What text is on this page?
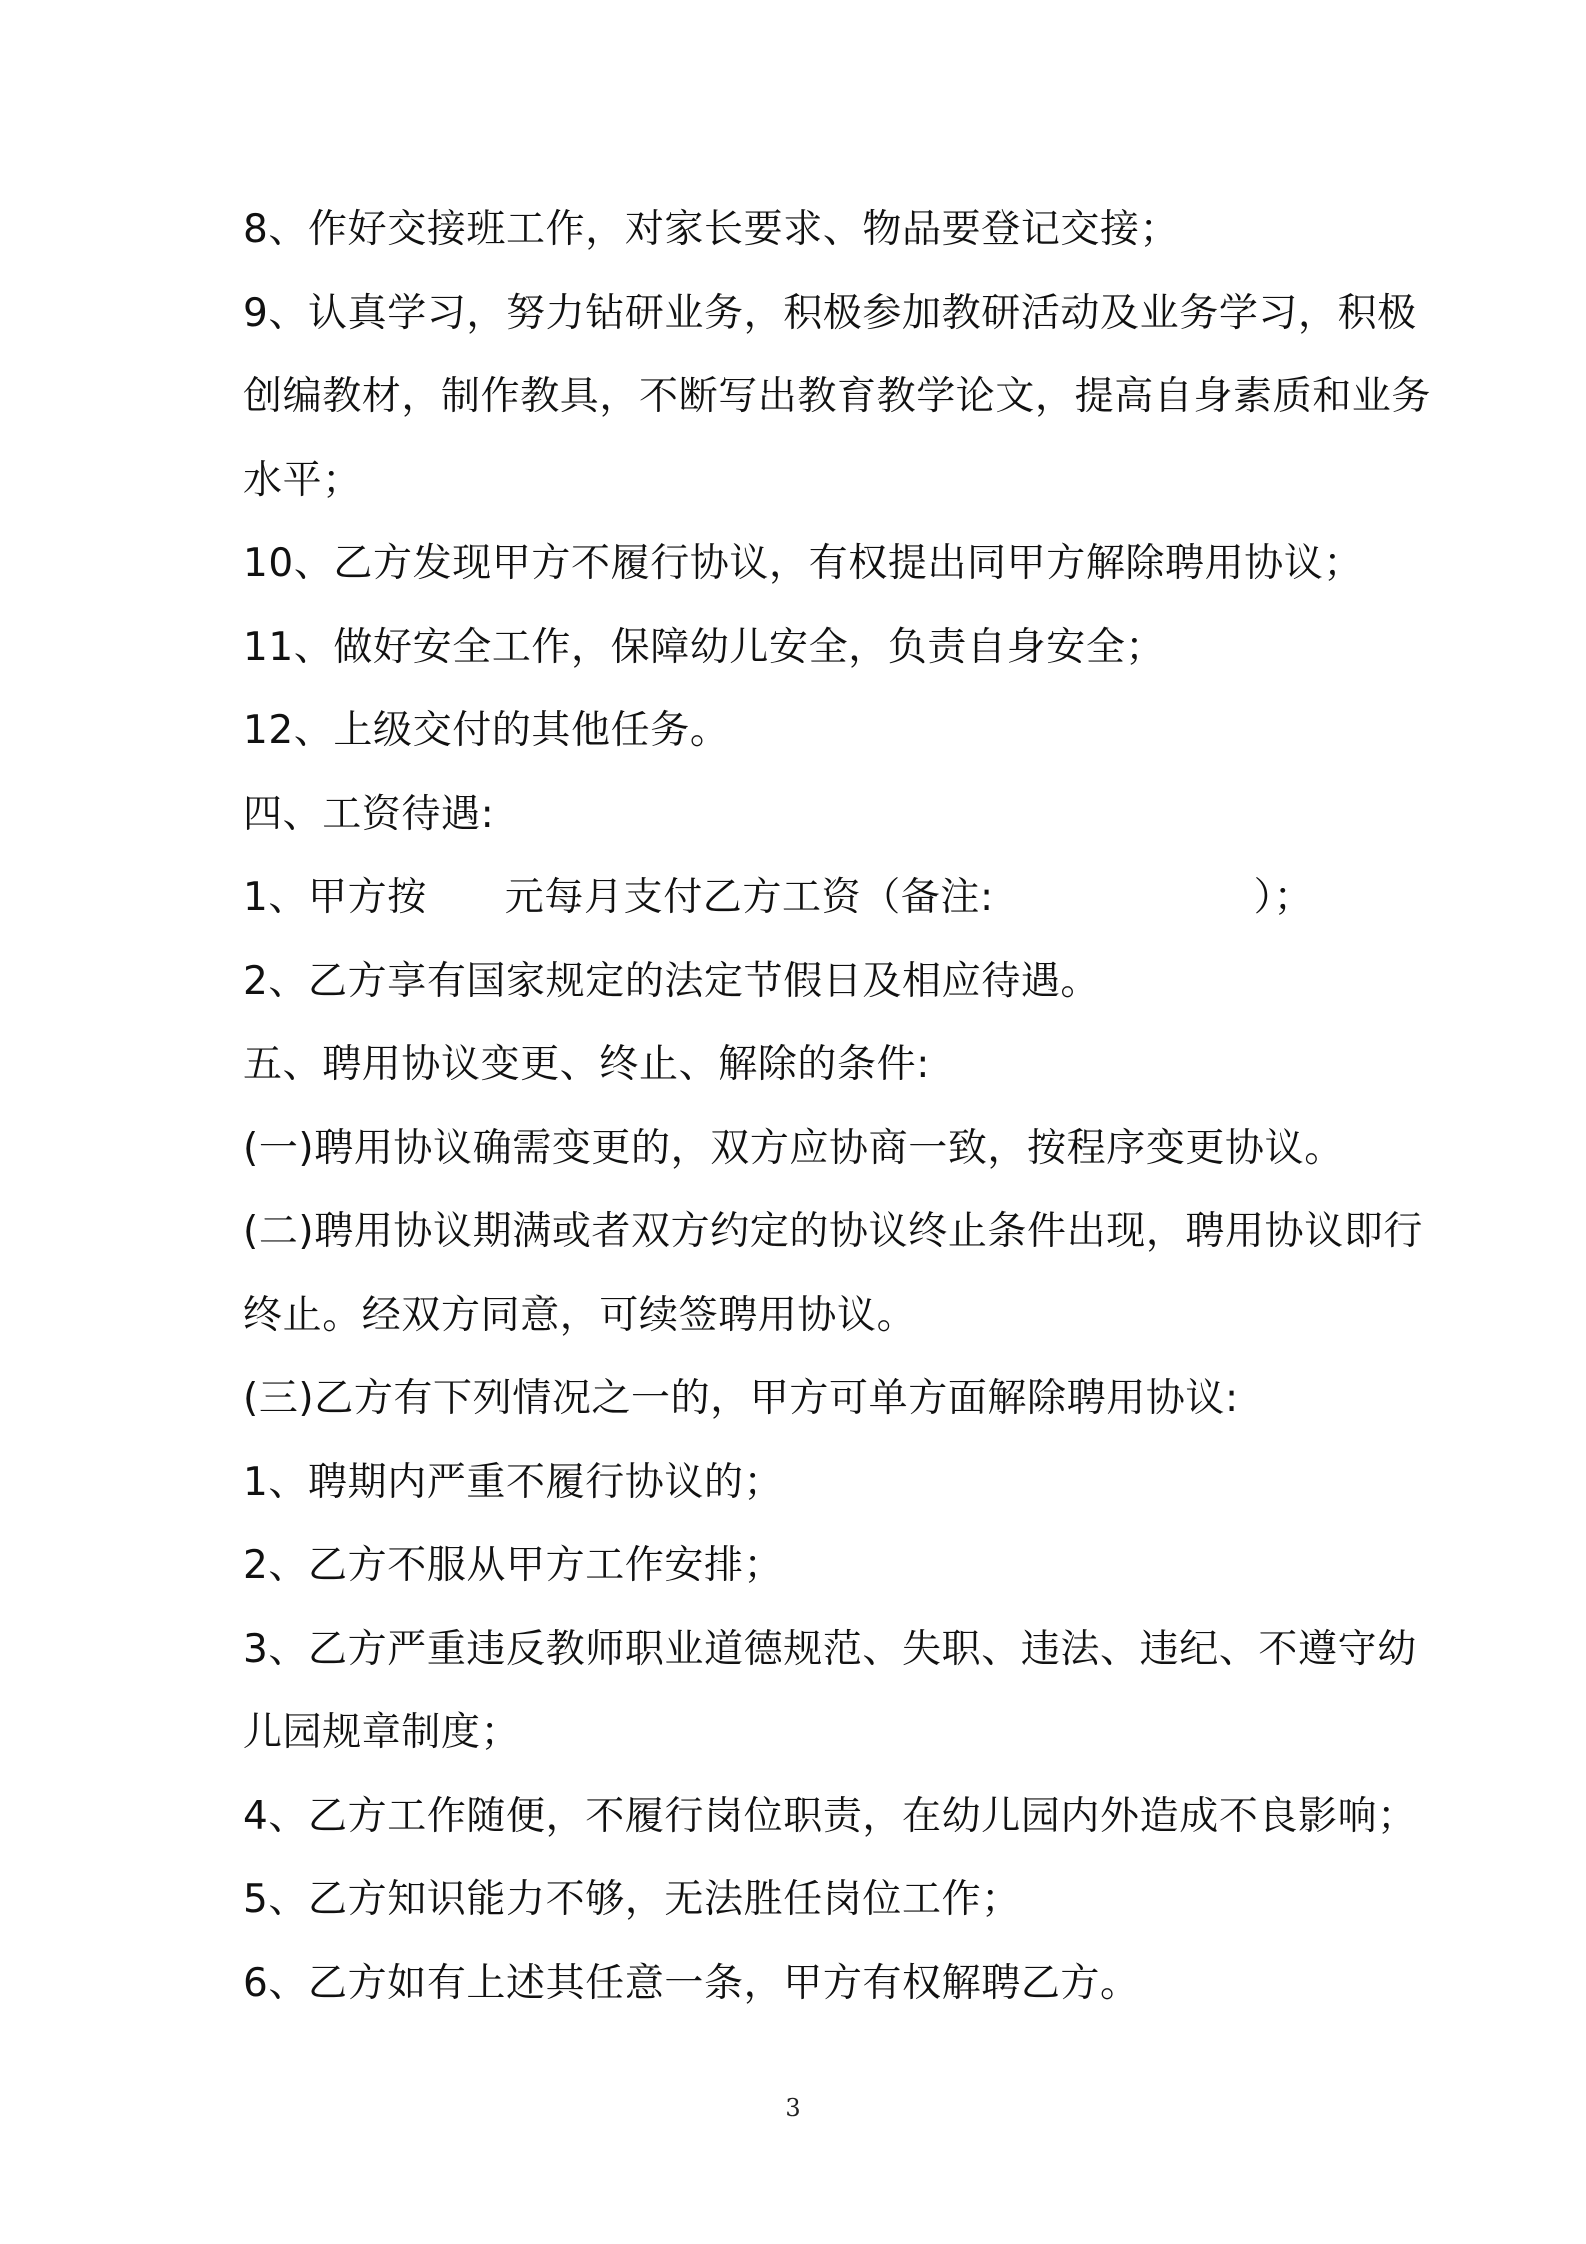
8、作好交接班工作，对家长要求、物品要登记交接；
9、认真学习，努力钻研业务，积极参加教研活动及业务学习，积极
创编教材，制作教具，不断写出教育教学论文，提高自身素质和业务
水平；
10、乙方发现甲方不履行协议，有权提出同甲方解除聘用协议；
11、做好安全工作，保障幼儿安全，负责自身安全；
12、上级交付的其他任务。
四、工资待遇:
1、甲方按      元每月支付乙方工资（备注:                    ）；
2、乙方享有国家规定的法定节假日及相应待遇。
五、聘用协议变更、终止、解除的条件:
(一)聘用协议确需变更的，双方应协商一致，按程序变更协议。
(二)聘用协议期满或者双方约定的协议终止条件出现，聘用协议即行
终止。经双方同意，可续签聘用协议。
(三)乙方有下列情况之一的，甲方可单方面解除聘用协议:
1、聘期内严重不履行协议的；
2、乙方不服从甲方工作安排；
3、乙方严重违反教师职业道德规范、失职、违法、违纪、不遵守幼
儿园规章制度；
4、乙方工作随便，不履行岗位职责，在幼儿园内外造成不良影响；
5、乙方知识能力不够，无法胜任岗位工作；
6、乙方如有上述其任意一条，甲方有权解聘乙方。
3
